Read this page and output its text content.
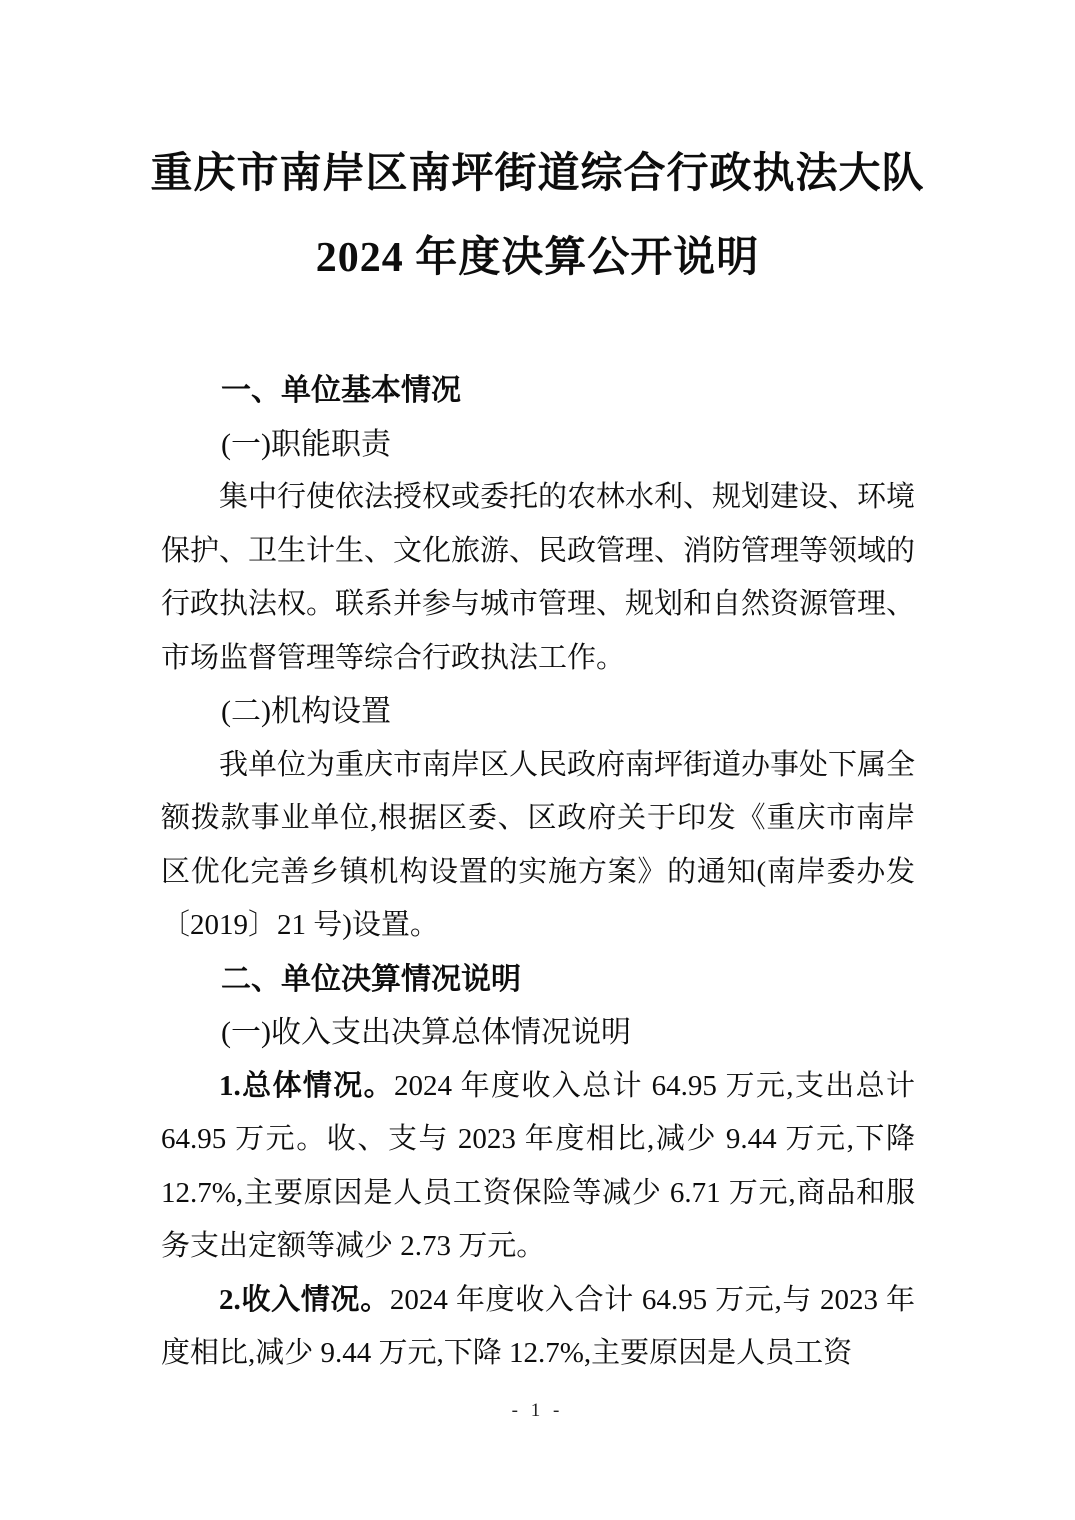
重庆市南岸区南坪街道综合行政执法大队
2024 年度决算公开说明
一、单位基本情况
(一)职能职责
集中行使依法授权或委托的农林水利、规划建设、环境保护、卫生计生、文化旅游、民政管理、消防管理等领域的行政执法权。联系并参与城市管理、规划和自然资源管理、市场监督管理等综合行政执法工作。
(二)机构设置
我单位为重庆市南岸区人民政府南坪街道办事处下属全额拨款事业单位,根据区委、区政府关于印发《重庆市南岸区优化完善乡镇机构设置的实施方案》的通知(南岸委办发〔2019〕21 号)设置。
二、单位决算情况说明
(一)收入支出决算总体情况说明
1.总体情况。2024 年度收入总计 64.95 万元,支出总计 64.95 万元。收、支与 2023 年度相比,减少 9.44 万元,下降 12.7%,主要原因是人员工资保险等减少 6.71 万元,商品和服务支出定额等减少 2.73 万元。
2.收入情况。2024 年度收入合计 64.95 万元,与 2023 年度相比,减少 9.44 万元,下降 12.7%,主要原因是人员工资
- 1 -
